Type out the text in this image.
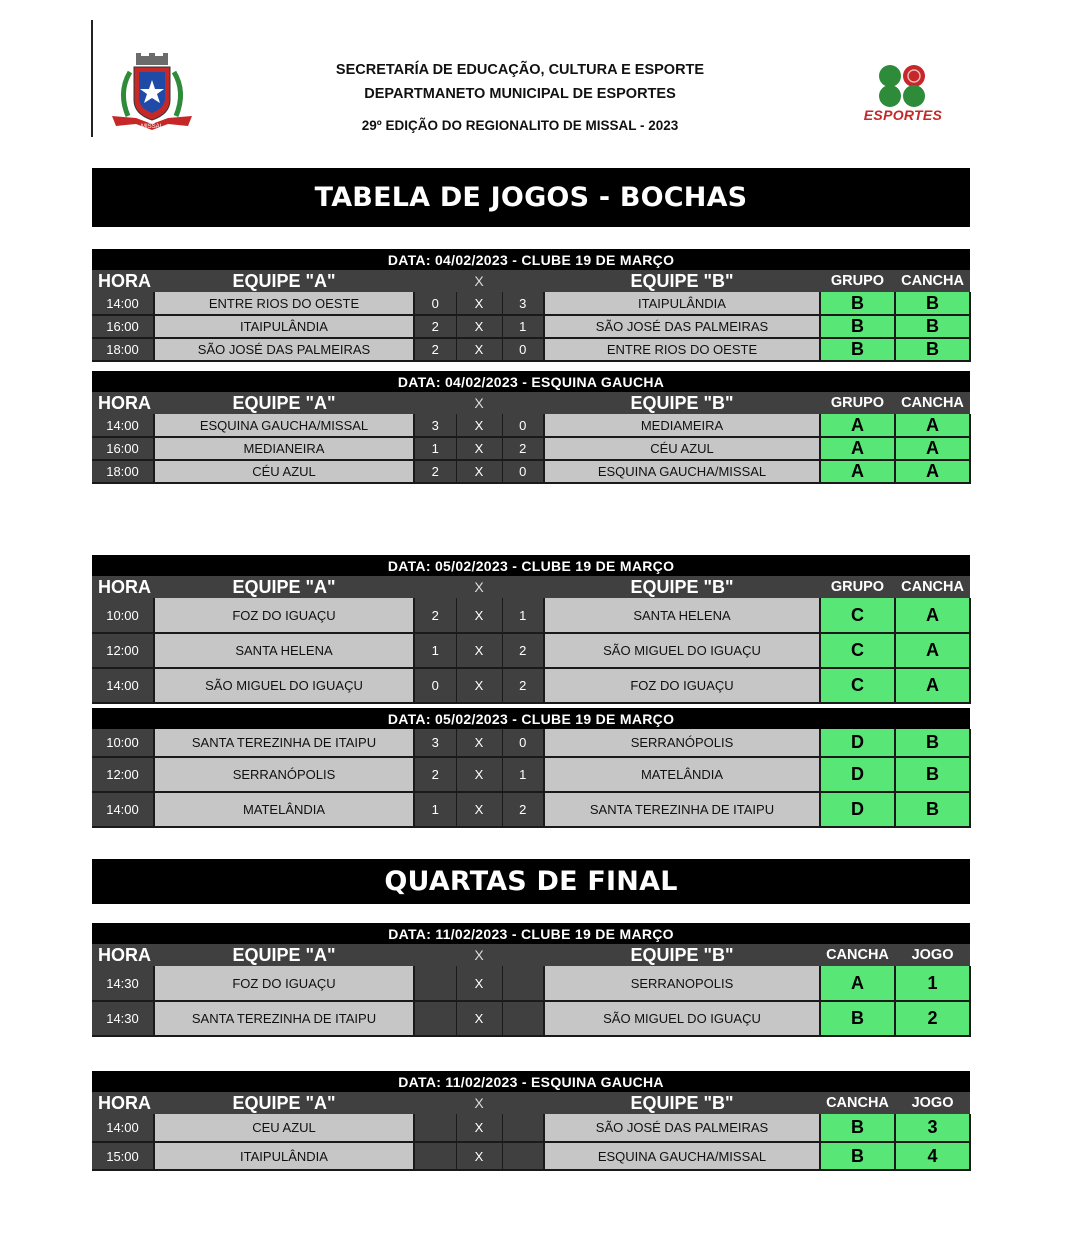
MISSAL
ESPORTES
SECRETARÍA DE EDUCAÇÃO, CULTURA E ESPORTE
DEPARTMANETO MUNICIPAL DE ESPORTES
29º EDIÇÃO DO REGIONALITO DE MISSAL - 2023
TABELA DE JOGOS - BOCHAS
DATA: 04/02/2023 - CLUBE 19 DE MARÇO							
HORA	EQUIPE "A"		X		EQUIPE "B"	GRUPO	CANCHA
14:00	ENTRE RIOS DO OESTE	0	X	3	ITAIPULÂNDIA	B	B
16:00	ITAIPULÂNDIA	2	X	1	SÃO JOSÉ DAS PALMEIRAS	B	B
18:00	SÃO JOSÉ DAS PALMEIRAS	2	X	0	ENTRE RIOS DO OESTE	B	B
DATA: 04/02/2023 - ESQUINA GAUCHA							
HORA	EQUIPE "A"		X		EQUIPE "B"	GRUPO	CANCHA
14:00	ESQUINA GAUCHA/MISSAL	3	X	0	MEDIAMEIRA	A	A
16:00	MEDIANEIRA	1	X	2	CÉU AZUL	A	A
18:00	CÉU AZUL	2	X	0	ESQUINA GAUCHA/MISSAL	A	A
DATA: 05/02/2023 - CLUBE 19 DE MARÇO							
HORA	EQUIPE "A"		X		EQUIPE "B"	GRUPO	CANCHA
10:00	FOZ DO IGUAÇU	2	X	1	SANTA HELENA	C	A
12:00	SANTA HELENA	1	X	2	SÃO MIGUEL DO IGUAÇU	C	A
14:00	SÃO MIGUEL DO IGUAÇU	0	X	2	FOZ DO IGUAÇU	C	A
DATA: 05/02/2023 - CLUBE 19 DE MARÇO							
10:00	SANTA TEREZINHA DE ITAIPU	3	X	0	SERRANÓPOLIS	D	B
12:00	SERRANÓPOLIS	2	X	1	MATELÂNDIA	D	B
14:00	MATELÂNDIA	1	X	2	SANTA TEREZINHA DE ITAIPU	D	B
QUARTAS DE FINAL
DATA: 11/02/2023 - CLUBE 19 DE MARÇO							
HORA	EQUIPE "A"		X		EQUIPE "B"	CANCHA	JOGO
14:30	FOZ DO IGUAÇU		X		SERRANOPOLIS	A	1
14:30	SANTA TEREZINHA DE ITAIPU		X		SÃO MIGUEL DO IGUAÇU	B	2
DATA: 11/02/2023 - ESQUINA GAUCHA							
HORA	EQUIPE "A"		X		EQUIPE "B"	CANCHA	JOGO
14:00	CEU AZUL		X		SÃO JOSÉ DAS PALMEIRAS	B	3
15:00	ITAIPULÂNDIA		X		ESQUINA GAUCHA/MISSAL	B	4
